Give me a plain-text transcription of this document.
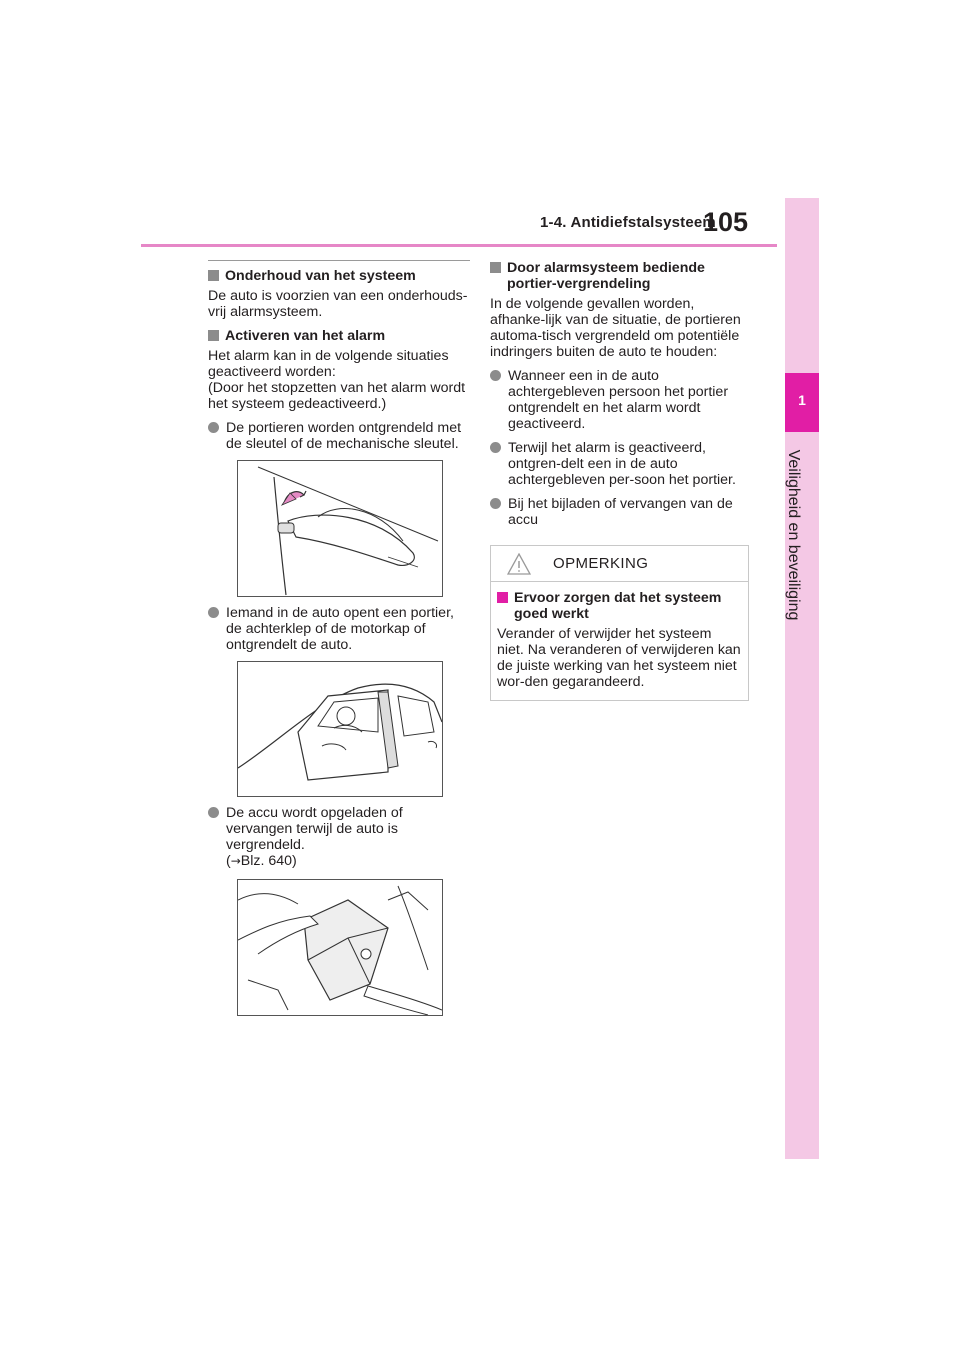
1-4. Antidiefstalsysteem
105
1
Veiligheid en beveiliging
Onderhoud van het systeem

De auto is voorzien van een onderhouds-vrij alarmsysteem.

Activeren van het alarm

Het alarm kan in de volgende situaties geactiveerd worden:

(Door het stopzetten van het alarm wordt het systeem gedeactiveerd.)

De portieren worden ontgrendeld met de sleutel of de mechanische sleutel.
Iemand in de auto opent een portier, de achterklep of de motorkap of ontgrendelt de auto.
De accu wordt opgeladen of vervangen terwijl de auto is vergrendeld.
(→Blz. 640)
Door alarmsysteem bediende portier-vergrendeling

In de volgende gevallen worden, afhanke-lijk van de situatie, de portieren automa-tisch vergrendeld om potentiële indringers buiten de auto te houden:

Wanneer een in de auto achtergebleven persoon het portier ontgrendelt en het alarm wordt geactiveerd.
Terwijl het alarm is geactiveerd, ontgren-delt een in de auto achtergebleven per-soon het portier.
Bij het bijladen of vervangen van de accu
OPMERKING
Ervoor zorgen dat het systeem goed werkt

Verander of verwijder het systeem niet. Na veranderen of verwijderen kan de juiste werking van het systeem niet wor-den gegarandeerd.
